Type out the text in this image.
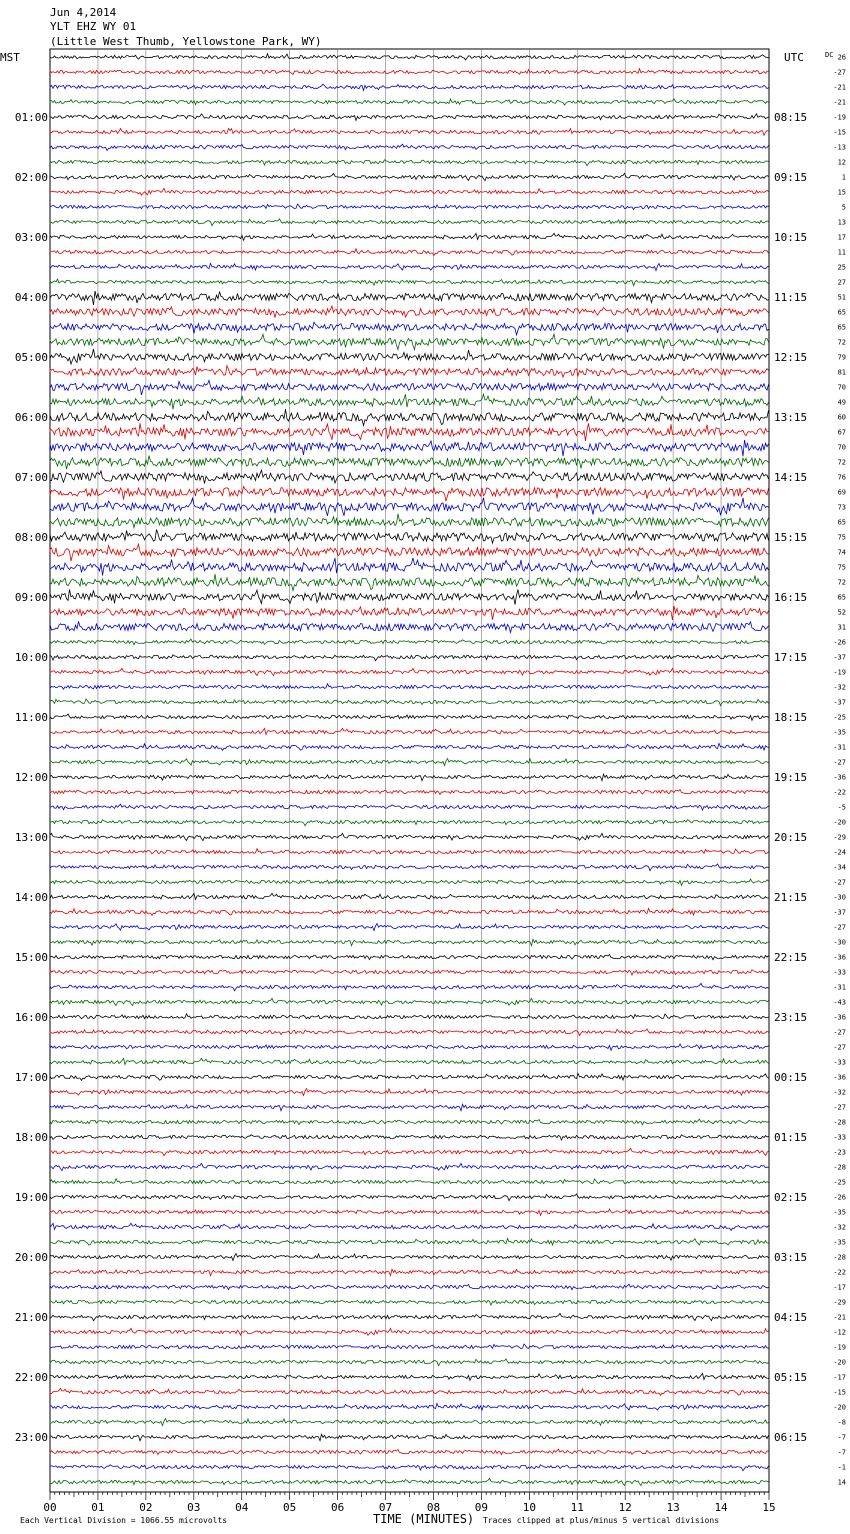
Jun 4,2014
YLT EHZ WY 01
(Little West Thumb, Yellowstone Park, WY)
MST	UTC	DC 26
-27
-21
-21
-19
-15
-13
12
1
15
5
13
17
11
25
27
51
65
65
72
79
81
70
49
60
67
70
72
76
69
73
65
75
74
75
72
65
52
31
-26
-37
-19
-32
-37
-25
-35
-31
-27
-36
-22
-5
-20
-29
-24
-34
-27
-30
-37
-27
-30
-36
-33
-31
-43
-36
-27
-27
-33
-36
-32
-27
-28
-33
-23
-28
-25
-26
-35
-32
-35
-28
-22
-17
-29
-21
-12
-19
-20
-17
-15
-20
-8
-7
-7
-1
14
01:00
02:00
03:00
04:00
05:00
06:00
07:00
08:00
09:00
10:00
11:00
12:00
13:00
14:00
15:00
16:00
17:00
18:00
19:00
20:00
21:00
22:00
23:00
08:15
09:15
10:15
11:15
12:15
13:15
14:15
15:15
16:15
17:15
18:15
19:15
20:15
21:15
22:15
23:15
00:15
01:15
02:15
03:15
04:15
05:15
06:15
00	01	02	03	04	05	06	07	08	09	10	11	12	13	14	15
TIME (MINUTES)
Each Vertical Division = 1066.55 microvolts	Traces clipped at plus/minus 5 vertical divisions
